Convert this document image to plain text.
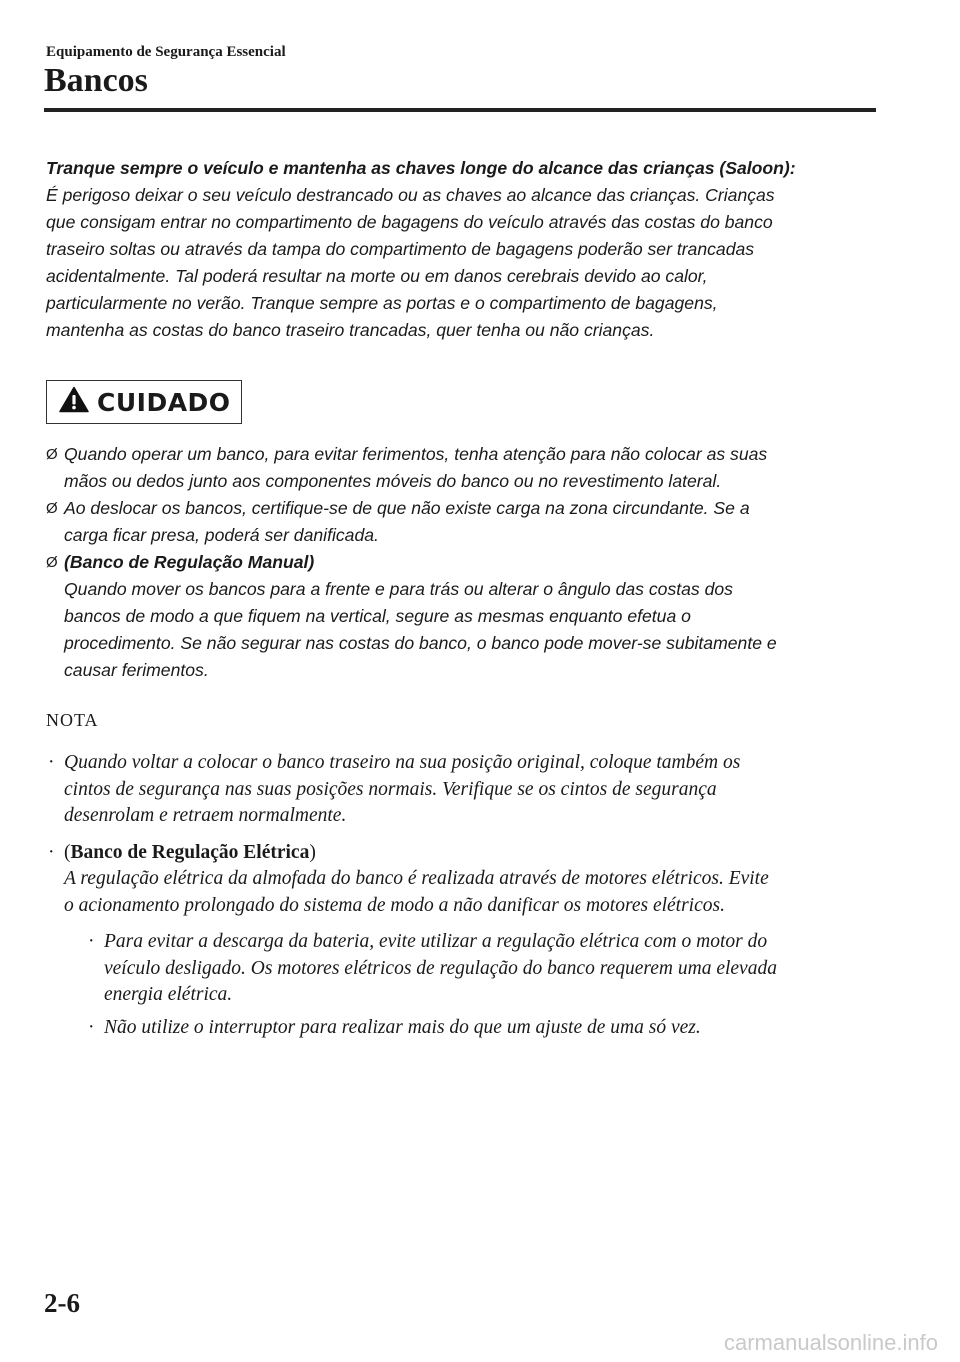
Equipamento de Segurança Essencial
Bancos
Tranque sempre o veículo e mantenha as chaves longe do alcance das crianças (Saloon):
É perigoso deixar o seu veículo destrancado ou as chaves ao alcance das crianças. Crianças
que consigam entrar no compartimento de bagagens do veículo através das costas do banco
traseiro soltas ou através da tampa do compartimento de bagagens poderão ser trancadas
acidentalmente. Tal poderá resultar na morte ou em danos cerebrais devido ao calor,
particularmente no verão. Tranque sempre as portas e o compartimento de bagagens,
mantenha as costas do banco traseiro trancadas, quer tenha ou não crianças.
CUIDADO
Ø Quando operar um banco, para evitar ferimentos, tenha atenção para não colocar as suas
mãos ou dedos junto aos componentes móveis do banco ou no revestimento lateral.
Ø Ao deslocar os bancos, certifique-se de que não existe carga na zona circundante. Se a
carga ficar presa, poderá ser danificada.
Ø (Banco de Regulação Manual)
Quando mover os bancos para a frente e para trás ou alterar o ângulo das costas dos
bancos de modo a que fiquem na vertical, segure as mesmas enquanto efetua o
procedimento. Se não segurar nas costas do banco, o banco pode mover-se subitamente e
causar ferimentos.
NOTA
· Quando voltar a colocar o banco traseiro na sua posição original, coloque também os
cintos de segurança nas suas posições normais. Verifique se os cintos de segurança
desenrolam e retraem normalmente.
· (Banco de Regulação Elétrica)
A regulação elétrica da almofada do banco é realizada através de motores elétricos. Evite
o acionamento prolongado do sistema de modo a não danificar os motores elétricos.
· Para evitar a descarga da bateria, evite utilizar a regulação elétrica com o motor do
veículo desligado. Os motores elétricos de regulação do banco requerem uma elevada
energia elétrica.
· Não utilize o interruptor para realizar mais do que um ajuste de uma só vez.
2-6
carmanualsonline.info
